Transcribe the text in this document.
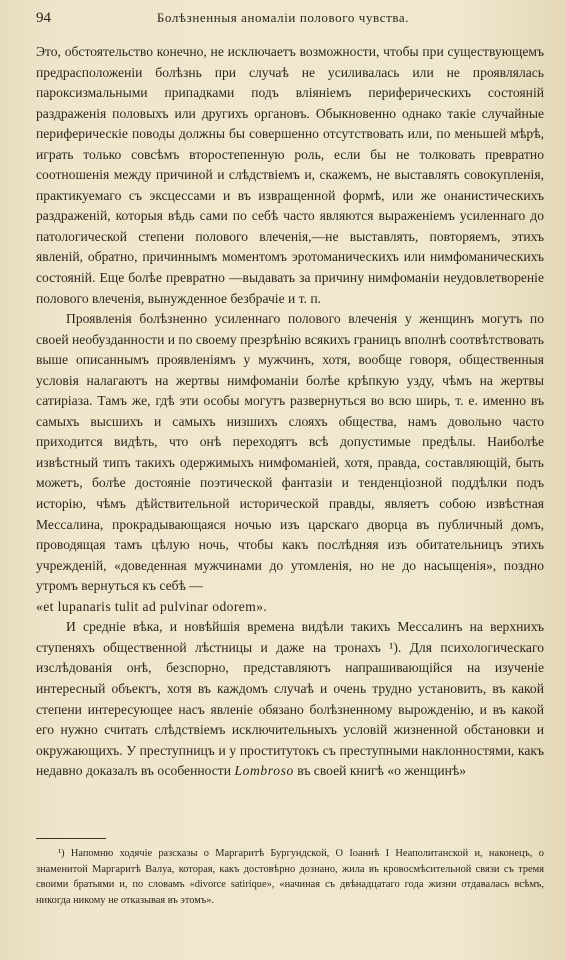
94	Болѣзненныя аномаліи полового чувства.

Это, обстоятельство конечно, не исключаетъ возможности, чтобы при существующемъ предрасположеніи болѣзнь при случаѣ не усиливалась или не проявлялась пароксизмальными припадками подъ вліяніемъ периферическихъ состояній раздраженія половыхъ или другихъ органовъ. Обыкновенно однако такіе случайные периферическіе поводы должны бы совершенно отсутствовать или, по меньшей мѣрѣ, играть только совсѣмъ второстепенную роль, если бы не толковать превратно соотношенія между причиной и слѣдствіемъ и, скажемъ, не выставлять совокупленія, практикуемаго съ эксцессами и въ извращенной формѣ, или же онанистическихъ раздраженій, которыя вѣдь сами по себѣ часто являются выраженіемъ усиленнаго до патологической степени полового влеченія,—не выставлять, повторяемъ, этихъ явленій, обратно, причиннымъ моментомъ эротоманическихъ или нимфоманическихъ состояній. Еще болѣе превратно —выдавать за причину нимфоманіи неудовлетвореніе полового влеченія, вынужденное безбрачіе и т. п.

Проявленія болѣзненно усиленнаго полового влеченія у женщинъ могутъ по своей необузданности и по своему презрѣнію всякихъ границъ вполнѣ соотвѣтствовать выше описаннымъ проявленіямъ у мужчинъ, хотя, вообще говоря, общественныя условія налагаютъ на жертвы нимфоманіи болѣе крѣпкую узду, чѣмъ на жертвы сатиріаза. Тамъ же, гдѣ эти особы могутъ развернуться во всю ширь, т. е. именно въ самыхъ высшихъ и самыхъ низшихъ слояхъ общества, намъ довольно часто приходится видѣть, что онѣ переходятъ всѣ допустимые предѣлы. Наиболѣе извѣстный типъ такихъ одержимыхъ нимфоманіей, хотя, правда, составляющій, быть можетъ, болѣе достояніе поэтической фантазіи и тенденціозной поддѣлки подъ исторію, чѣмъ дѣйствительной исторической правды, являетъ собою извѣстная Мессалина, прокрадывающаяся ночью изъ царскаго дворца въ публичный домъ, проводящая тамъ цѣлую ночь, чтобы какъ послѣдняя изъ обитательницъ этихъ учрежденій, «доведенная мужчинами до утомленія, но не до насыщенія», поздно утромъ вернуться къ себѣ —

«et lupanaris tulit ad pulvinar odorem».

И средніе вѣка, и новѣйшія времена видѣли такихъ Мессалинъ на верхнихъ ступеняхъ общественной лѣстницы и даже на тронахъ ¹). Для психологическаго изслѣдованія онѣ, безспорно, представляютъ напрашивающійся на изученіе интересный объектъ, хотя въ каждомъ случаѣ и очень трудно установить, въ какой степени интересующее насъ явленіе обязано болѣзненному вырожденію, и въ какой его нужно считать слѣдствіемъ исключительныхъ условій жизненной обстановки и окружающихъ. У преступницъ и у проститутокъ съ преступными наклонностями, какъ недавно доказалъ въ особенности Lombroso въ своей книгѣ «о женщинѣ»

¹) Напомню ходячіе разсказы о Маргаритѣ Бургундской, О Іоаннѣ I Неаполитанской и, наконецъ, о знаменитой Маргаритѣ Валуа, которая, какъ достовѣрно дознано, жила въ кровосмѣсительной связи съ тремя своими братьями и, по словамъ «divorce satirique», «начиная съ двѣнадцатаго года жизни отдавалась всѣмъ, никогда никому не отказывая въ этомъ».
